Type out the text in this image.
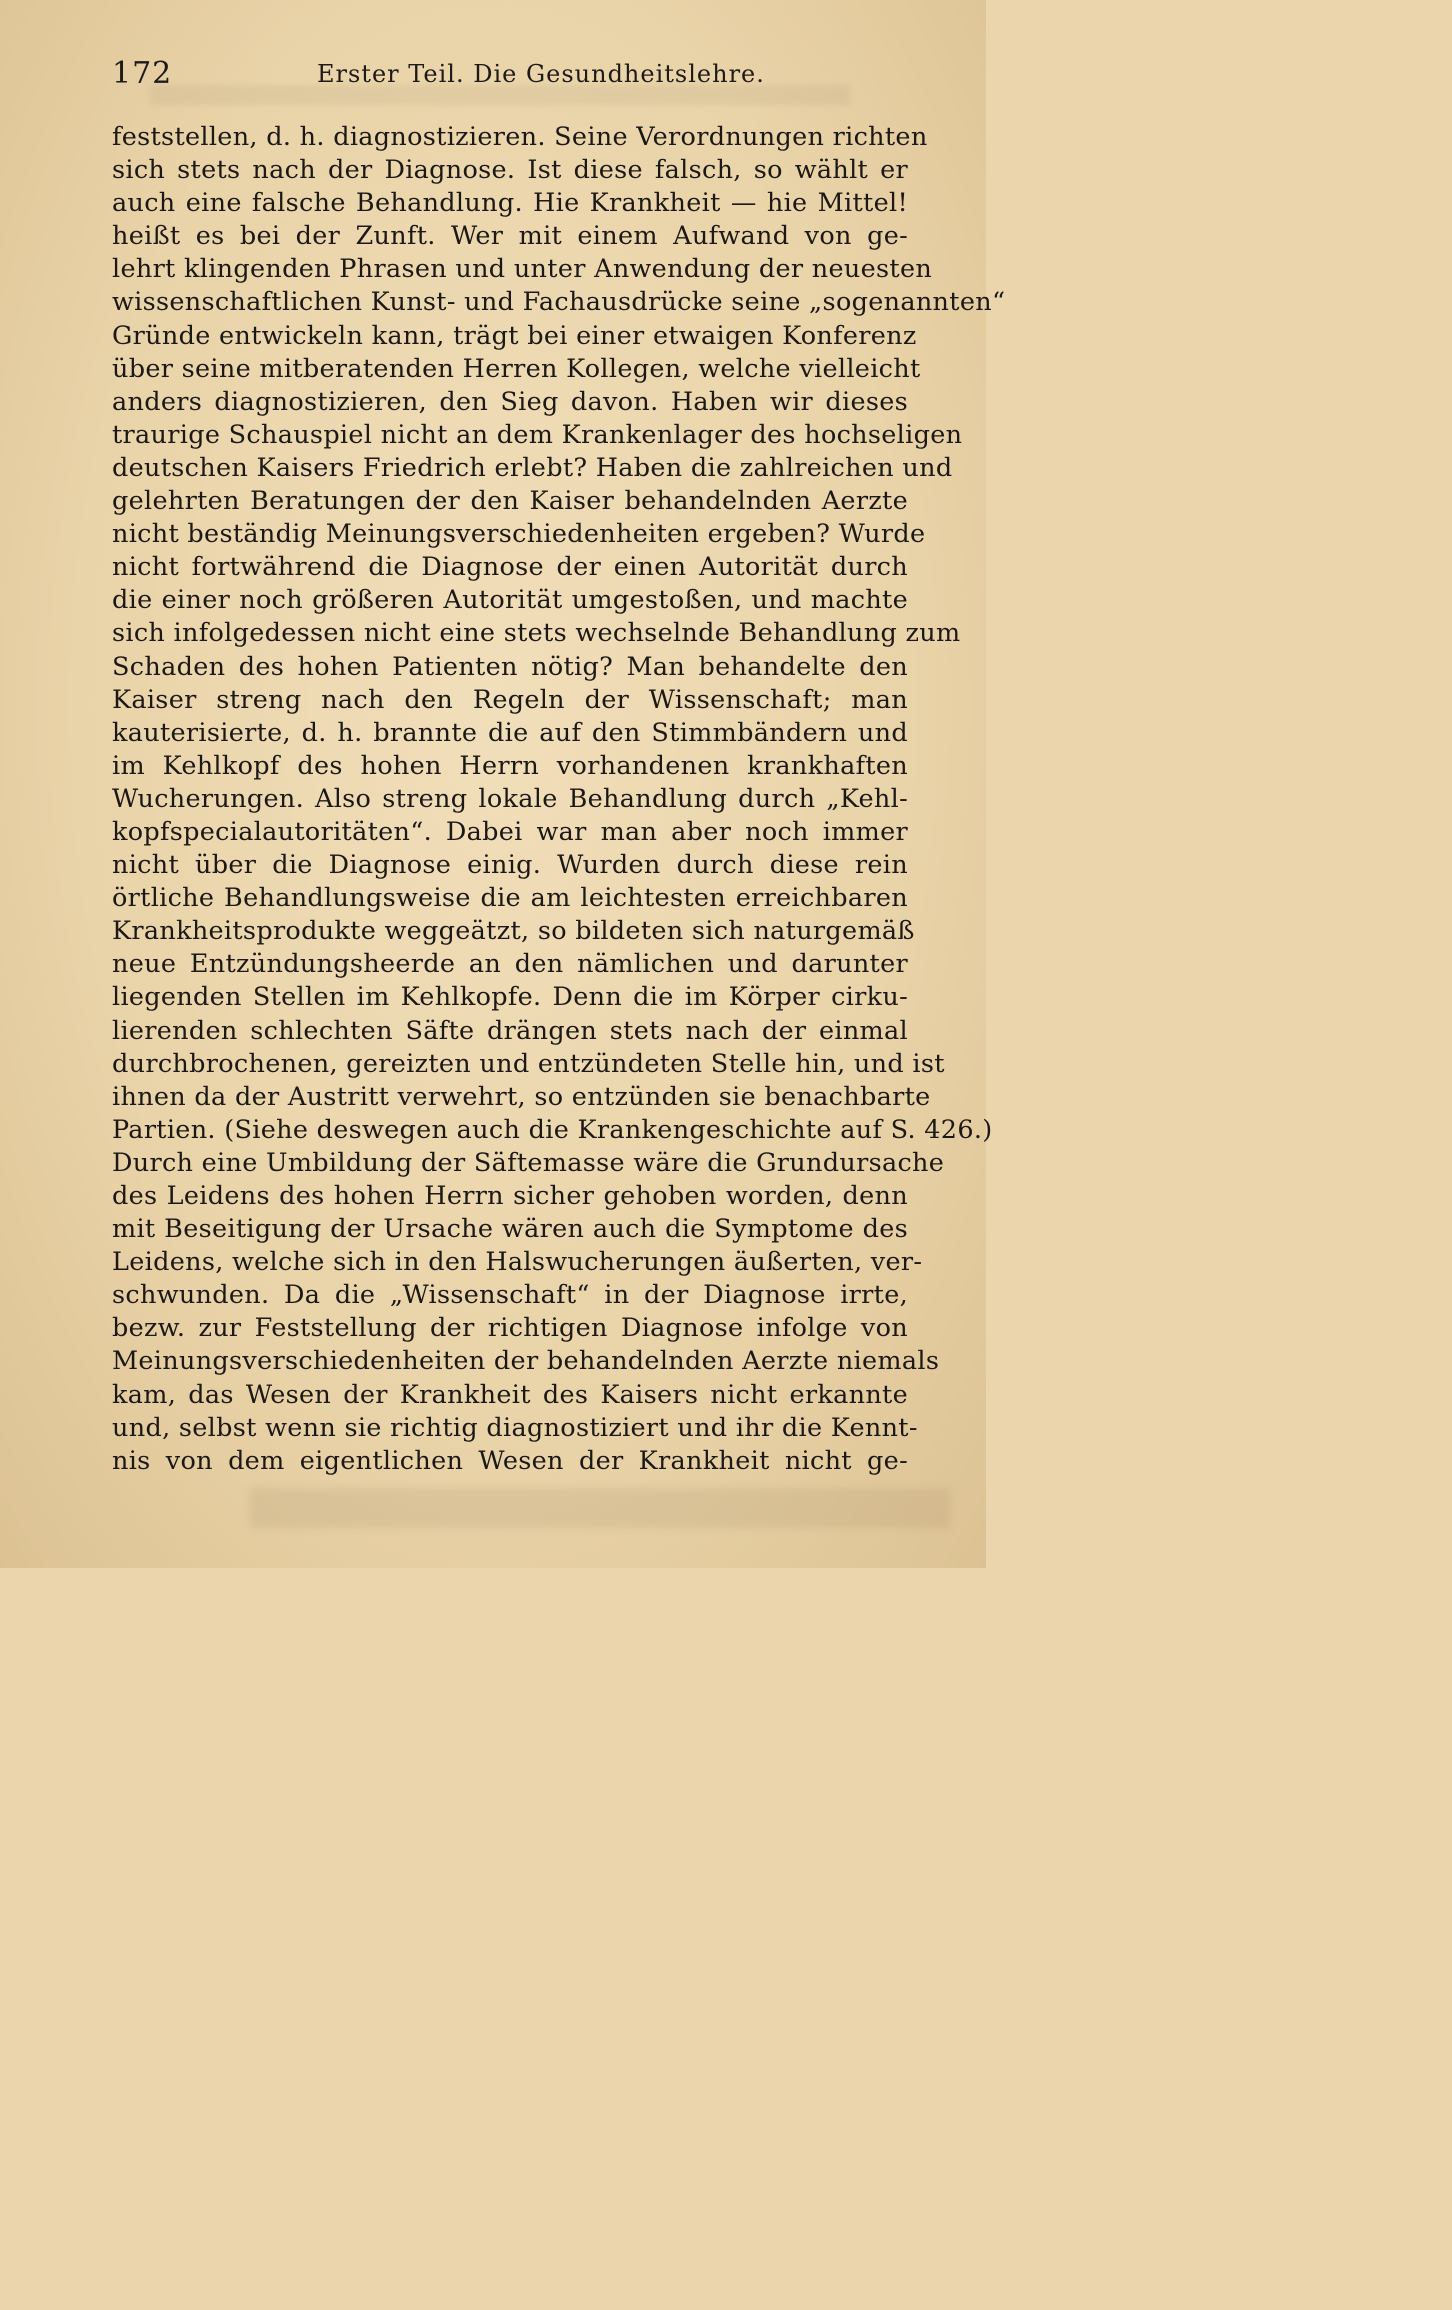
172	Erster Teil. Die Gesundheitslehre.
feststellen, d. h. diagnostizieren. Seine Verordnungen richten
sich stets nach der Diagnose. Ist diese falsch, so wählt er
auch eine falsche Behandlung. Hie Krankheit — hie Mittel!
heißt es bei der Zunft. Wer mit einem Aufwand von ge-
lehrt klingenden Phrasen und unter Anwendung der neuesten
wissenschaftlichen Kunst- und Fachausdrücke seine „sogenannten“
Gründe entwickeln kann, trägt bei einer etwaigen Konferenz
über seine mitberatenden Herren Kollegen, welche vielleicht
anders diagnostizieren, den Sieg davon. Haben wir dieses
traurige Schauspiel nicht an dem Krankenlager des hochseligen
deutschen Kaisers Friedrich erlebt? Haben die zahlreichen und
gelehrten Beratungen der den Kaiser behandelnden Aerzte
nicht beständig Meinungsverschiedenheiten ergeben? Wurde
nicht fortwährend die Diagnose der einen Autorität durch
die einer noch größeren Autorität umgestoßen, und machte
sich infolgedessen nicht eine stets wechselnde Behandlung zum
Schaden des hohen Patienten nötig? Man behandelte den
Kaiser streng nach den Regeln der Wissenschaft; man
kauterisierte, d. h. brannte die auf den Stimmbändern und
im Kehlkopf des hohen Herrn vorhandenen krankhaften
Wucherungen. Also streng lokale Behandlung durch „Kehl-
kopfspecialautoritäten“. Dabei war man aber noch immer
nicht über die Diagnose einig. Wurden durch diese rein
örtliche Behandlungsweise die am leichtesten erreichbaren
Krankheitsprodukte weggeätzt, so bildeten sich naturgemäß
neue Entzündungsheerde an den nämlichen und darunter
liegenden Stellen im Kehlkopfe. Denn die im Körper cirku-
lierenden schlechten Säfte drängen stets nach der einmal
durchbrochenen, gereizten und entzündeten Stelle hin, und ist
ihnen da der Austritt verwehrt, so entzünden sie benachbarte
Partien. (Siehe deswegen auch die Krankengeschichte auf S. 426.)
Durch eine Umbildung der Säftemasse wäre die Grundursache
des Leidens des hohen Herrn sicher gehoben worden, denn
mit Beseitigung der Ursache wären auch die Symptome des
Leidens, welche sich in den Halswucherungen äußerten, ver-
schwunden. Da die „Wissenschaft“ in der Diagnose irrte,
bezw. zur Feststellung der richtigen Diagnose infolge von
Meinungsverschiedenheiten der behandelnden Aerzte niemals
kam, das Wesen der Krankheit des Kaisers nicht erkannte
und, selbst wenn sie richtig diagnostiziert und ihr die Kennt-
nis von dem eigentlichen Wesen der Krankheit nicht ge-
